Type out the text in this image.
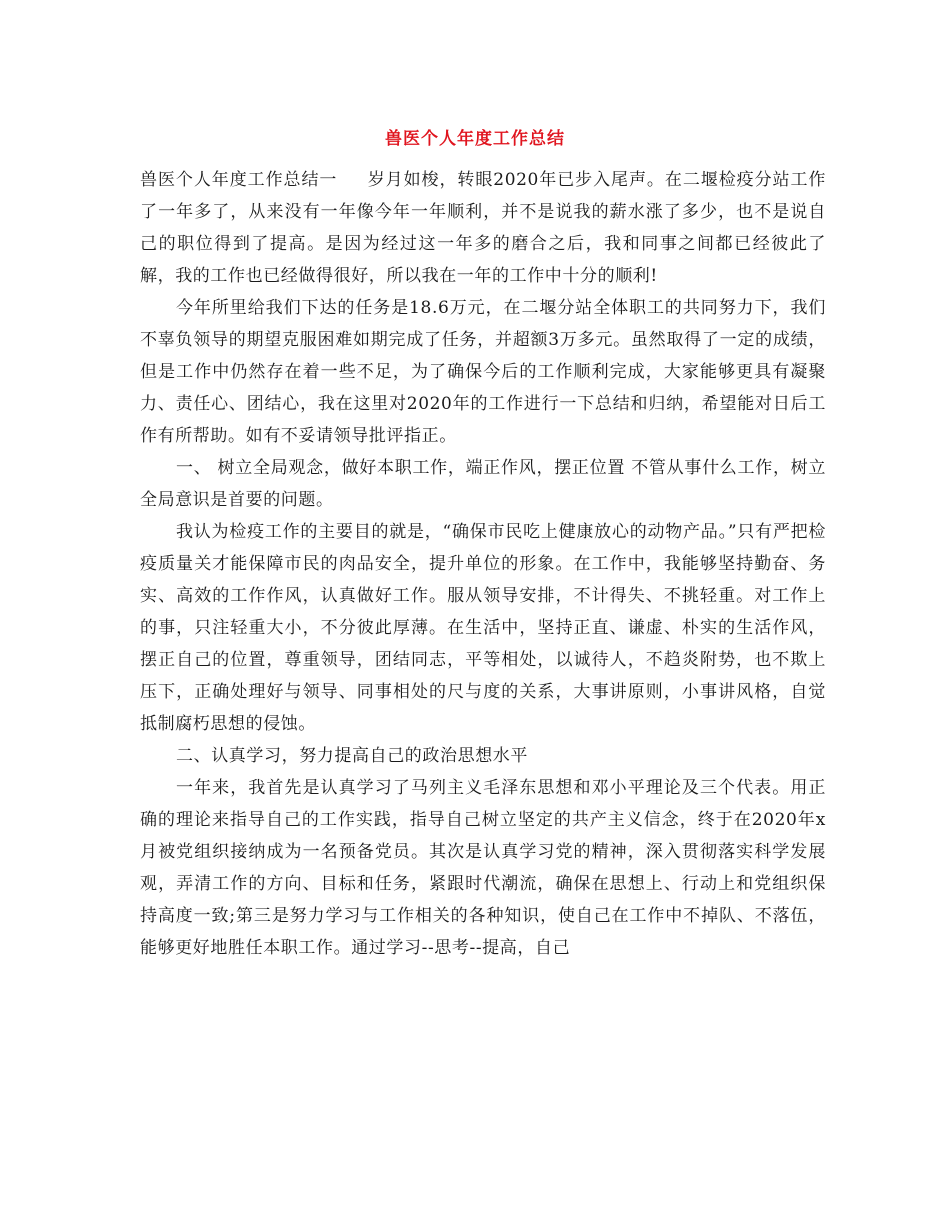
兽医个人年度工作总结

兽医个人年度工作总结一 岁月如梭，转眼2020年已步入尾声。在二堰检疫分站工作了一年多了，从来没有一年像今年一年顺利，并不是说我的薪水涨了多少，也不是说自己的职位得到了提高。是因为经过这一年多的磨合之后，我和同事之间都已经彼此了解，我的工作也已经做得很好，所以我在一年的工作中十分的顺利!

今年所里给我们下达的任务是18.6万元，在二堰分站全体职工的共同努力下，我们不辜负领导的期望克服困难如期完成了任务，并超额3万多元。虽然取得了一定的成绩，但是工作中仍然存在着一些不足，为了确保今后的工作顺利完成，大家能够更具有凝聚力、责任心、团结心，我在这里对2020年的工作进行一下总结和归纳，希望能对日后工作有所帮助。如有不妥请领导批评指正。

一、 树立全局观念，做好本职工作，端正作风，摆正位置 不管从事什么工作，树立全局意识是首要的问题。

我认为检疫工作的主要目的就是，“确保市民吃上健康放心的动物产品。”只有严把检疫质量关才能保障市民的肉品安全，提升单位的形象。在工作中，我能够坚持勤奋、务实、高效的工作作风，认真做好工作。服从领导安排，不计得失、不挑轻重。对工作上的事，只注轻重大小，不分彼此厚薄。在生活中，坚持正直、谦虚、朴实的生活作风，摆正自己的位置，尊重领导，团结同志，平等相处，以诚待人，不趋炎附势，也不欺上压下，正确处理好与领导、同事相处的尺与度的关系，大事讲原则，小事讲风格，自觉抵制腐朽思想的侵蚀。

二、认真学习，努力提高自己的政治思想水平

一年来，我首先是认真学习了马列主义毛泽东思想和邓小平理论及三个代表。用正确的理论来指导自己的工作实践，指导自己树立坚定的共产主义信念，终于在2020年x月被党组织接纳成为一名预备党员。其次是认真学习党的精神，深入贯彻落实科学发展观，弄清工作的方向、目标和任务，紧跟时代潮流，确保在思想上、行动上和党组织保持高度一致;第三是努力学习与工作相关的各种知识，使自己在工作中不掉队、不落伍，能够更好地胜任本职工作。通过学习--思考--提高，自己
